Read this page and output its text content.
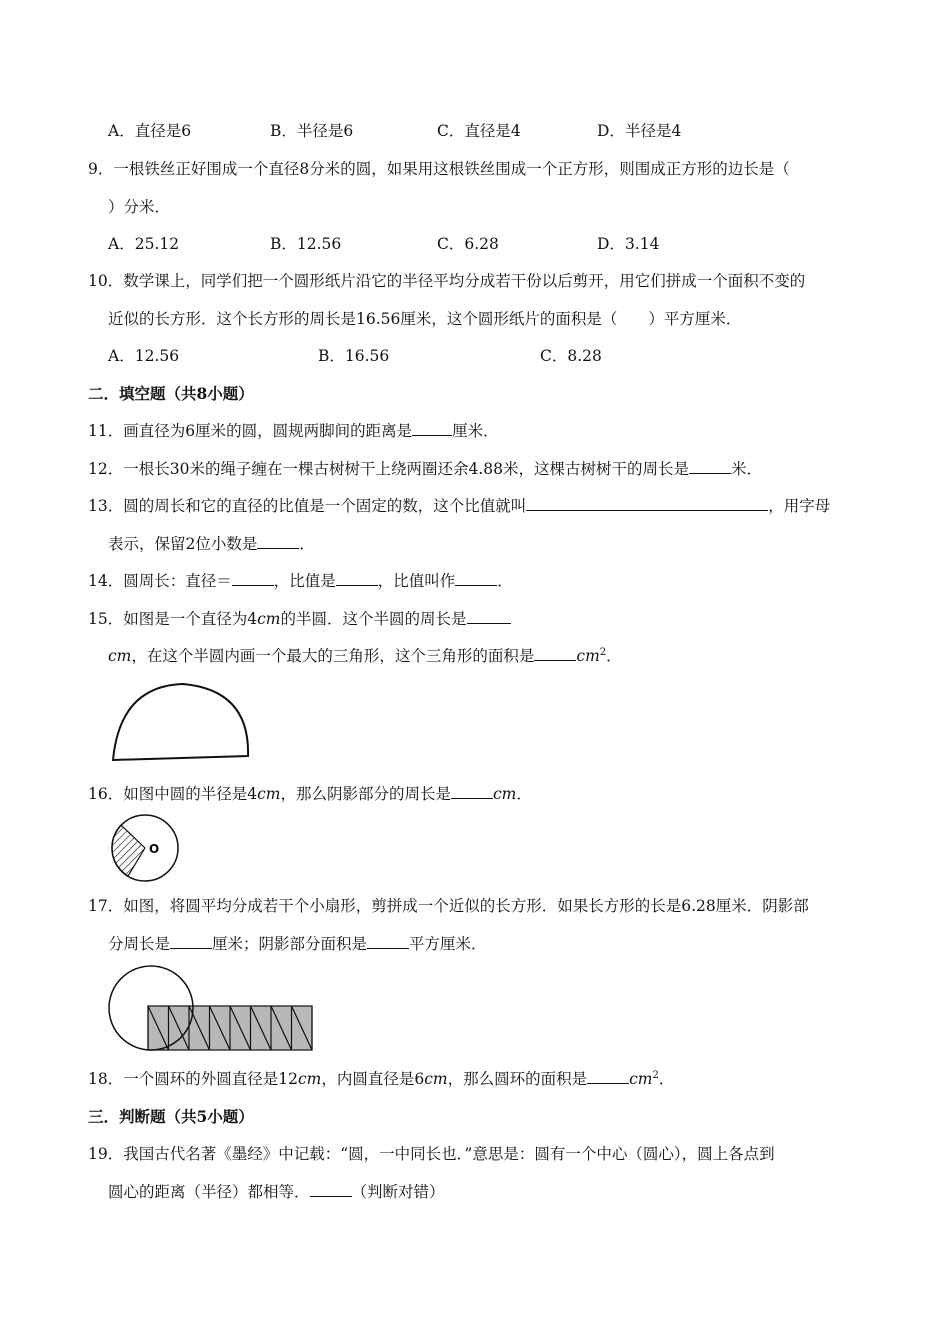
A．直径是6	B．半径是6	C．直径是4	D．半径是4
9．一根铁丝正好围成一个直径8分米的圆，如果用这根铁丝围成一个正方形，则围成正方形的边长是（
）分米．
A．25.12	B．12.56	C．6.28	D．3.14
10．数学课上，同学们把一个圆形纸片沿它的半径平均分成若干份以后剪开，用它们拼成一个面积不变的
近似的长方形．这个长方形的周长是16.56厘米，这个圆形纸片的面积是（　　）平方厘米．
A．12.56	B．16.56	C．8.28
二．填空题（共8小题）
11．画直径为6厘米的圆，圆规两脚间的距离是	厘米．
12．一根长30米的绳子缠在一棵古树树干上绕两圈还余4.88米，这棵古树树干的周长是	米．
13．圆的周长和它的直径的比值是一个固定的数，这个比值就叫	，用字母
表示，保留2位小数是	．
14．圆周长：直径＝	，比值是	，比值叫作	．
15．如图是一个直径为4cm的半圆．这个半圆的周长是
cm，在这个半圆内画一个最大的三角形，这个三角形的面积是	$cm^2$．
16．如图中圆的半径是4cm，那么阴影部分的周长是	cm．
O
17．如图，将圆平均分成若干个小扇形，剪拼成一个近似的长方形．如果长方形的长是6.28厘米．阴影部
分周长是	厘米；阴影部分面积是	平方厘米．
18．一个圆环的外圆直径是12cm，内圆直径是6cm，那么圆环的面积是	$cm^2$．
三．判断题（共5小题）
19．我国古代名著《墨经》中记载：“圆，一中同长也．”意思是：圆有一个中心（圆心），圆上各点到
圆心的距离（半径）都相等．	（判断对错）
